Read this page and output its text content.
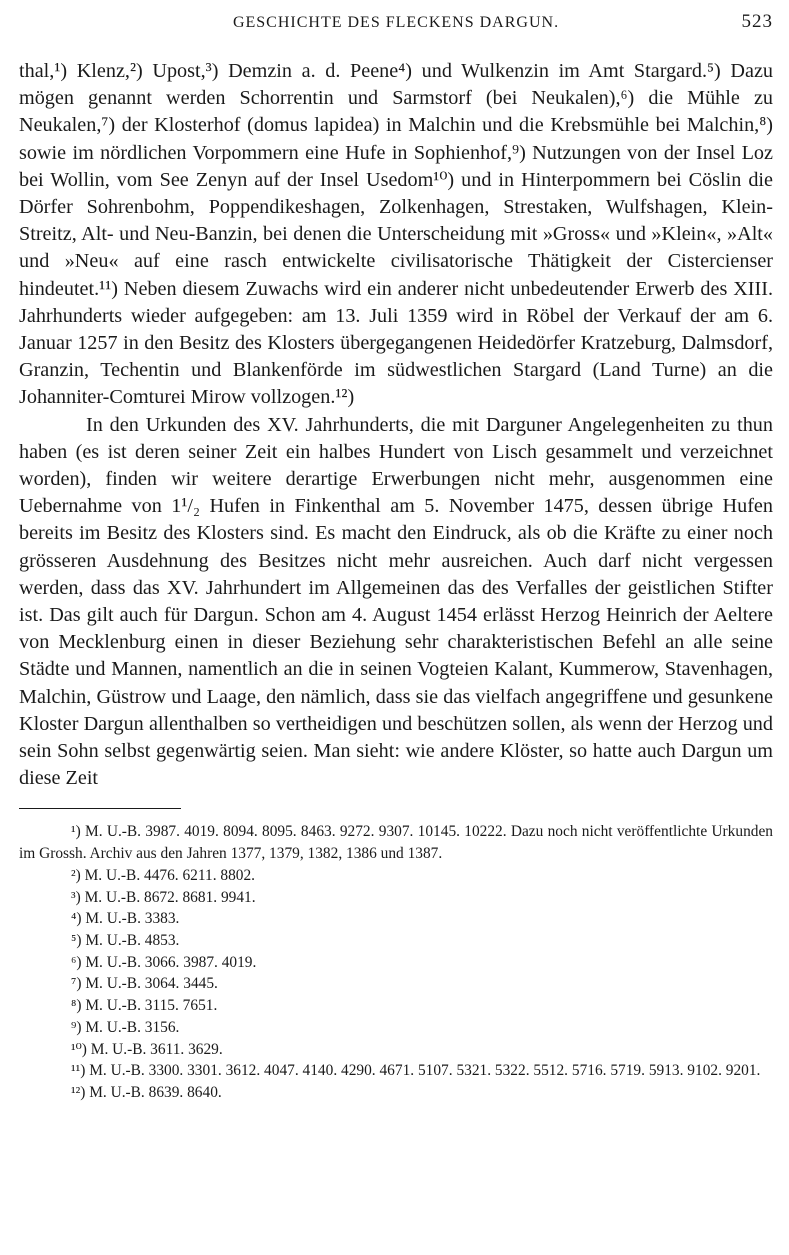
GESCHICHTE DES FLECKENS DARGUN.	523

thal,¹) Klenz,²) Upost,³) Demzin a. d. Peene⁴) und Wulkenzin im Amt Stargard.⁵) Dazu mögen genannt werden Schorrentin und Sarmstorf (bei Neukalen),⁶) die Mühle zu Neukalen,⁷) der Klosterhof (domus lapidea) in Malchin und die Krebsmühle bei Malchin,⁸) sowie im nördlichen Vorpommern eine Hufe in Sophienhof,⁹) Nutzungen von der Insel Loz bei Wollin, vom See Zenyn auf der Insel Usedom¹⁰) und in Hinterpommern bei Cöslin die Dörfer Sohrenbohm, Poppendikeshagen, Zolkenhagen, Strestaken, Wulfshagen, Klein-Streitz, Alt- und Neu-Banzin, bei denen die Unterscheidung mit »Gross« und »Klein«, »Alt« und »Neu« auf eine rasch entwickelte civilisatorische Thätigkeit der Cistercienser hindeutet.¹¹) Neben diesem Zuwachs wird ein anderer nicht unbedeutender Erwerb des XIII. Jahrhunderts wieder aufgegeben: am 13. Juli 1359 wird in Röbel der Verkauf der am 6. Januar 1257 in den Besitz des Klosters übergegangenen Heidedörfer Kratzeburg, Dalmsdorf, Granzin, Techentin und Blankenförde im südwestlichen Stargard (Land Turne) an die Johanniter-Comturei Mirow vollzogen.¹²)

In den Urkunden des XV. Jahrhunderts, die mit Darguner Angelegenheiten zu thun haben (es ist deren seiner Zeit ein halbes Hundert von Lisch gesammelt und verzeichnet worden), finden wir weitere derartige Erwerbungen nicht mehr, ausgenommen eine Uebernahme von 1¹/₂ Hufen in Finkenthal am 5. November 1475, dessen übrige Hufen bereits im Besitz des Klosters sind. Es macht den Eindruck, als ob die Kräfte zu einer noch grösseren Ausdehnung des Besitzes nicht mehr ausreichen. Auch darf nicht vergessen werden, dass das XV. Jahrhundert im Allgemeinen das des Verfalles der geistlichen Stifter ist. Das gilt auch für Dargun. Schon am 4. August 1454 erlässt Herzog Heinrich der Aeltere von Mecklenburg einen in dieser Beziehung sehr charakteristischen Befehl an alle seine Städte und Mannen, namentlich an die in seinen Vogteien Kalant, Kummerow, Stavenhagen, Malchin, Güstrow und Laage, den nämlich, dass sie das vielfach angegriffene und gesunkene Kloster Dargun allenthalben so vertheidigen und beschützen sollen, als wenn der Herzog und sein Sohn selbst gegenwärtig seien. Man sieht: wie andere Klöster, so hatte auch Dargun um diese Zeit

¹) M. U.-B. 3987. 4019. 8094. 8095. 8463. 9272. 9307. 10145. 10222. Dazu noch nicht veröffentlichte Urkunden im Grossh. Archiv aus den Jahren 1377, 1379, 1382, 1386 und 1387.
²) M. U.-B. 4476. 6211. 8802.
³) M. U.-B. 8672. 8681. 9941.
⁴) M. U.-B. 3383.
⁵) M. U.-B. 4853.
⁶) M. U.-B. 3066. 3987. 4019.
⁷) M. U.-B. 3064. 3445.
⁸) M. U.-B. 3115. 7651.
⁹) M. U.-B. 3156.
¹⁰) M. U.-B. 3611. 3629.
¹¹) M. U.-B. 3300. 3301. 3612. 4047. 4140. 4290. 4671. 5107. 5321. 5322. 5512. 5716. 5719. 5913. 9102. 9201.
¹²) M. U.-B. 8639. 8640.
